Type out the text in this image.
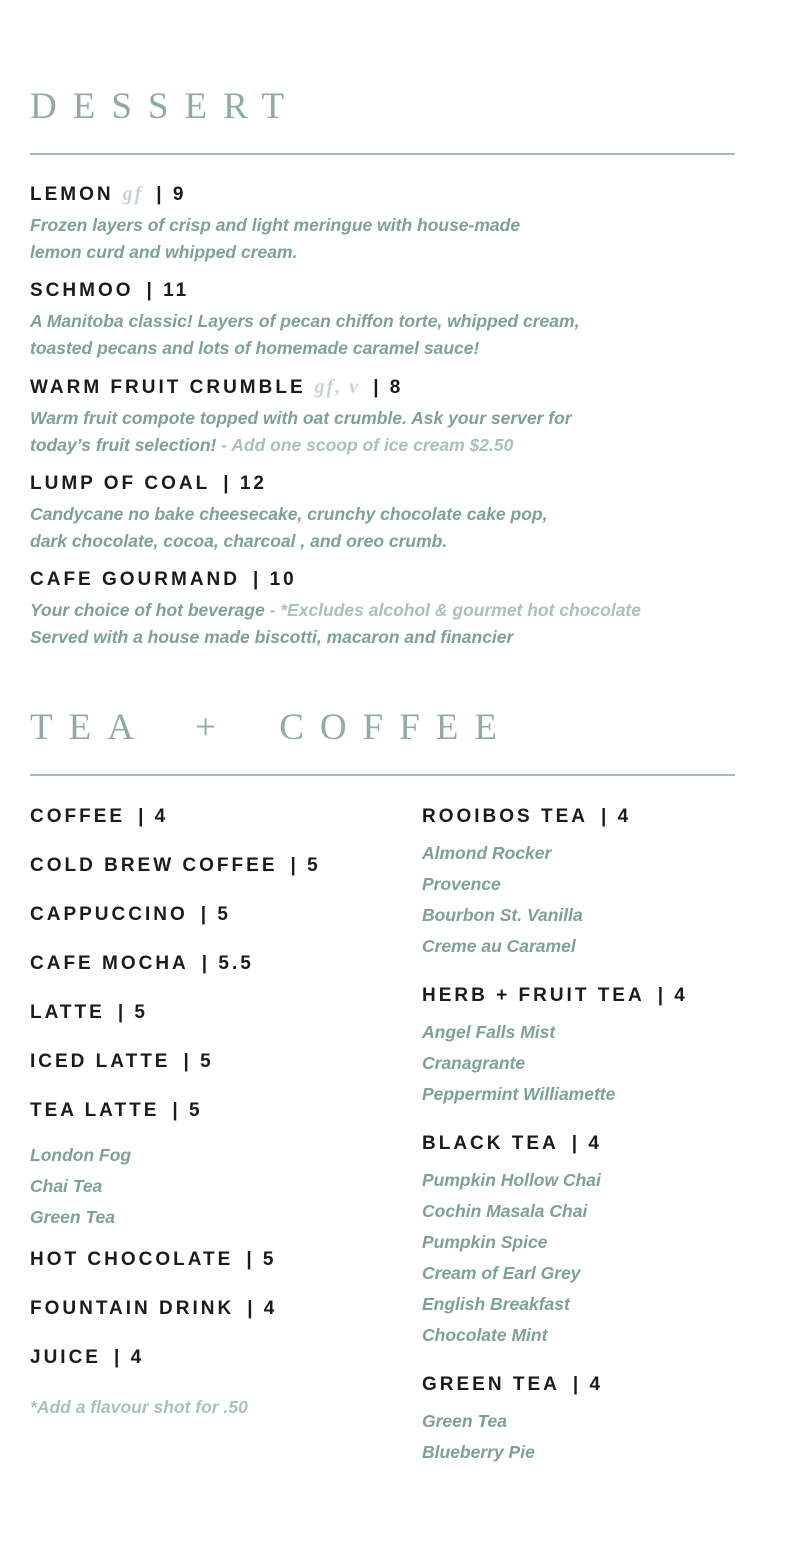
DESSERT
LEMON gf | 9
Frozen layers of crisp and light meringue with house-made
lemon curd and whipped cream.
SCHMOO | 11
A Manitoba classic! Layers of pecan chiffon torte, whipped cream,
toasted pecans and lots of homemade caramel sauce!
WARM FRUIT CRUMBLE gf, v | 8
Warm fruit compote topped with oat crumble. Ask your server for
today’s fruit selection! - Add one scoop of ice cream $2.50
LUMP OF COAL | 12
Candycane no bake cheesecake, crunchy chocolate cake pop,
dark chocolate, cocoa, charcoal , and oreo crumb.
CAFE GOURMAND | 10
Your choice of hot beverage - *Excludes alcohol & gourmet hot chocolate
Served with a house made biscotti, macaron and financier
TEA + COFFEE
COFFEE | 4
COLD BREW COFFEE | 5
CAPPUCCINO | 5
CAFE MOCHA | 5.5
LATTE | 5
ICED LATTE | 5
TEA LATTE | 5
London Fog
Chai Tea
Green Tea
HOT CHOCOLATE | 5
FOUNTAIN DRINK | 4
JUICE | 4
*Add a flavour shot for .50
ROOIBOS TEA | 4
Almond Rocker
Provence
Bourbon St. Vanilla
Creme au Caramel
HERB + FRUIT TEA | 4
Angel Falls Mist
Cranagrante
Peppermint Williamette
BLACK TEA | 4
Pumpkin Hollow Chai
Cochin Masala Chai
Pumpkin Spice
Cream of Earl Grey
English Breakfast
Chocolate Mint
GREEN TEA | 4
Green Tea
Blueberry Pie
